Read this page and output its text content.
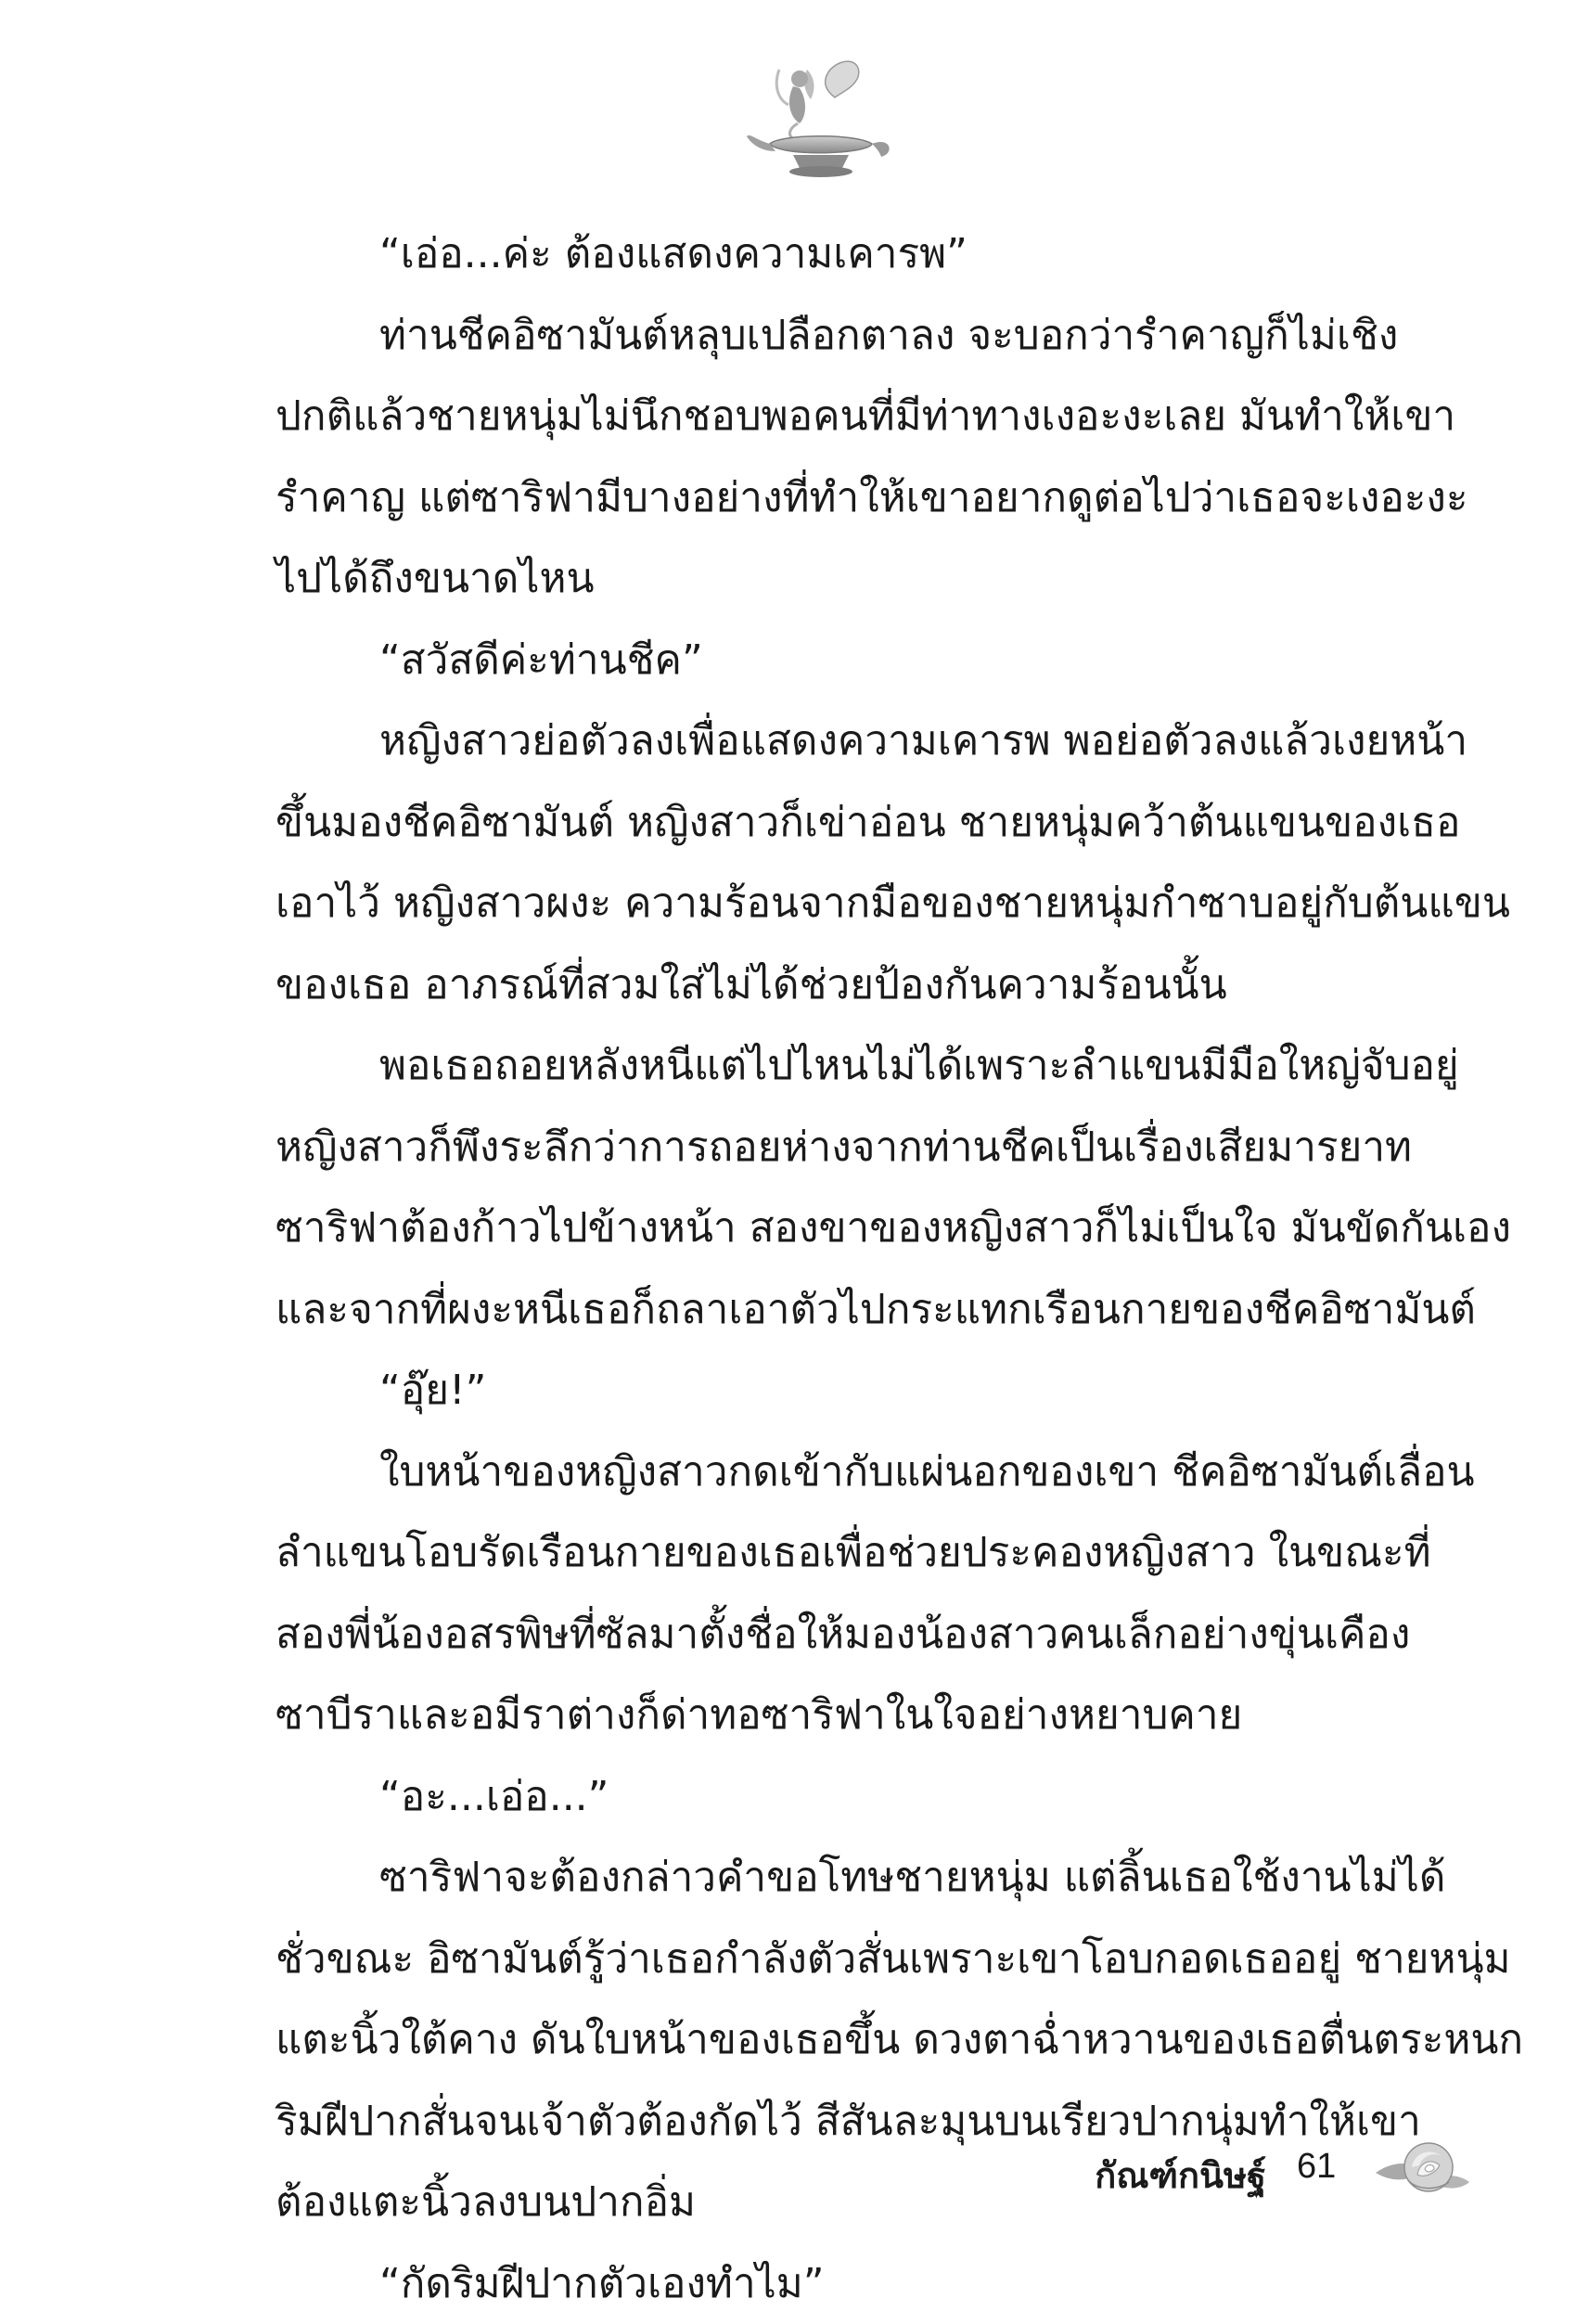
“เอ่อ...ค่ะ ต้องแสดงความเคารพ”
ท่านชีคอิซามันต์หลุบเปลือกตาลง จะบอกว่ารำคาญก็ไม่เชิง
ปกติแล้วชายหนุ่มไม่นึกชอบพอคนที่มีท่าทางเงอะงะเลย มันทำให้เขา
รำคาญ แต่ซาริฟามีบางอย่างที่ทำให้เขาอยากดูต่อไปว่าเธอจะเงอะงะ
ไปได้ถึงขนาดไหน
“สวัสดีค่ะท่านชีค”
หญิงสาวย่อตัวลงเพื่อแสดงความเคารพ พอย่อตัวลงแล้วเงยหน้า
ขึ้นมองชีคอิซามันต์ หญิงสาวก็เข่าอ่อน ชายหนุ่มคว้าต้นแขนของเธอ
เอาไว้ หญิงสาวผงะ ความร้อนจากมือของชายหนุ่มกำซาบอยู่กับต้นแขน
ของเธอ อาภรณ์ที่สวมใส่ไม่ได้ช่วยป้องกันความร้อนนั้น
พอเธอถอยหลังหนีแต่ไปไหนไม่ได้เพราะลำแขนมีมือใหญ่จับอยู่
หญิงสาวก็พึงระลึกว่าการถอยห่างจากท่านชีคเป็นเรื่องเสียมารยาท
ซาริฟาต้องก้าวไปข้างหน้า สองขาของหญิงสาวก็ไม่เป็นใจ มันขัดกันเอง
และจากที่ผงะหนีเธอก็ถลาเอาตัวไปกระแทกเรือนกายของชีคอิซามันต์
“อุ๊ย!”
ใบหน้าของหญิงสาวกดเข้ากับแผ่นอกของเขา ชีคอิซามันต์เลื่อน
ลำแขนโอบรัดเรือนกายของเธอเพื่อช่วยประคองหญิงสาว ในขณะที่
สองพี่น้องอสรพิษที่ซัลมาตั้งชื่อให้มองน้องสาวคนเล็กอย่างขุ่นเคือง
ซาบีราและอมีราต่างก็ด่าทอซาริฟาในใจอย่างหยาบคาย
“อะ...เอ่อ...”
ซาริฟาจะต้องกล่าวคำขอโทษชายหนุ่ม แต่ลิ้นเธอใช้งานไม่ได้
ชั่วขณะ อิซามันต์รู้ว่าเธอกำลังตัวสั่นเพราะเขาโอบกอดเธออยู่ ชายหนุ่ม
แตะนิ้วใต้คาง ดันใบหน้าของเธอขึ้น ดวงตาฉ่ำหวานของเธอตื่นตระหนก
ริมฝีปากสั่นจนเจ้าตัวต้องกัดไว้ สีสันละมุนบนเรียวปากนุ่มทำให้เขา
ต้องแตะนิ้วลงบนปากอิ่ม
“กัดริมฝีปากตัวเองทำไม”
กัณฑ์กนิษฐ์ 61
